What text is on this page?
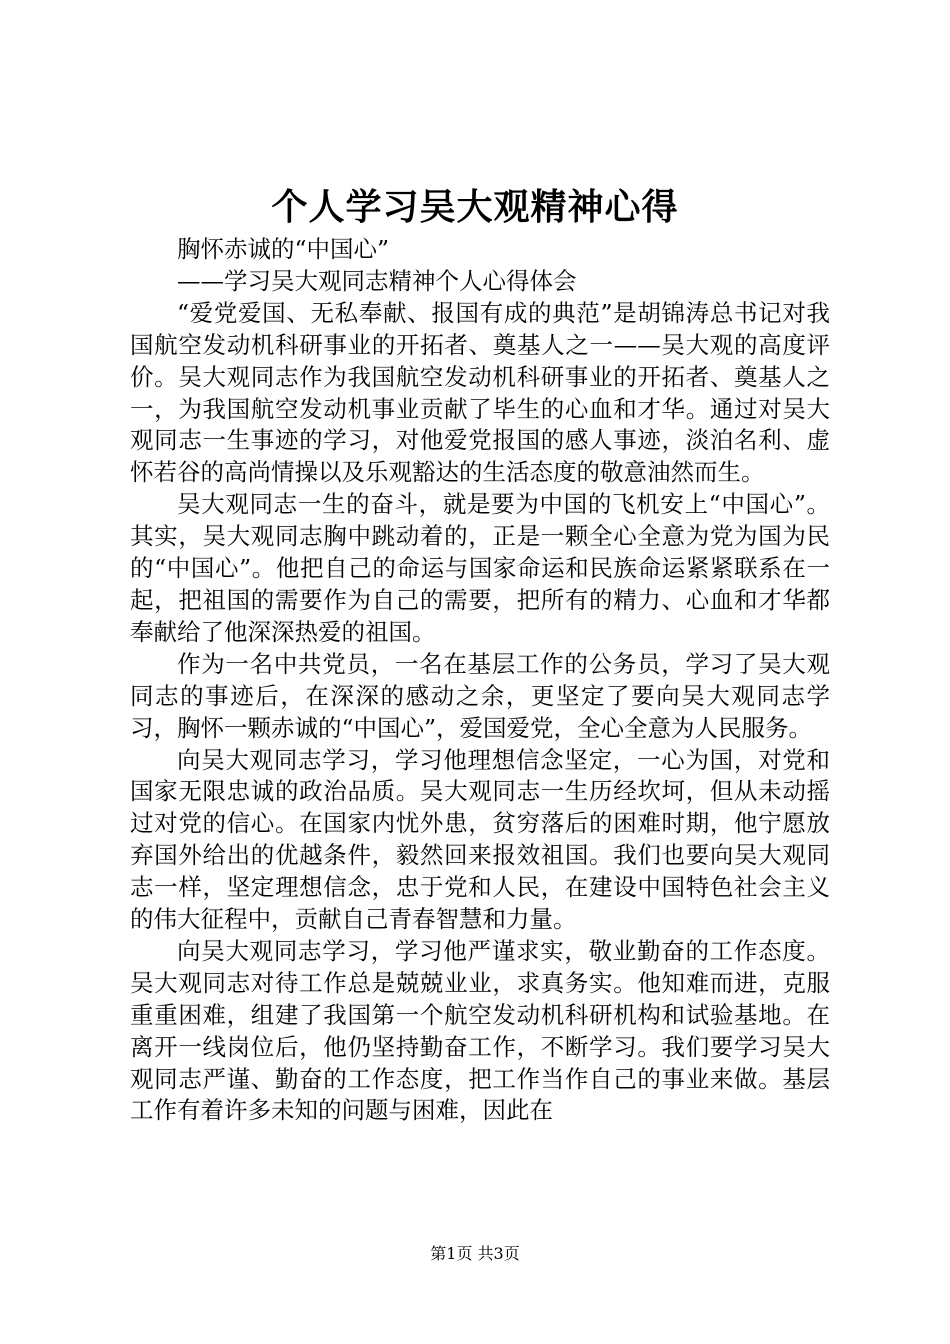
个人学习吴大观精神心得

胸怀赤诚的“中国心”

——学习吴大观同志精神个人心得体会

“爱党爱国、无私奉献、报国有成的典范”是胡锦涛总书记对我国航空发动机科研事业的开拓者、奠基人之一——吴大观的高度评价。吴大观同志作为我国航空发动机科研事业的开拓者、奠基人之一，为我国航空发动机事业贡献了毕生的心血和才华。通过对吴大观同志一生事迹的学习，对他爱党报国的感人事迹，淡泊名利、虚怀若谷的高尚情操以及乐观豁达的生活态度的敬意油然而生。

吴大观同志一生的奋斗，就是要为中国的飞机安上“中国心”。其实，吴大观同志胸中跳动着的，正是一颗全心全意为党为国为民的“中国心”。他把自己的命运与国家命运和民族命运紧紧联系在一起，把祖国的需要作为自己的需要，把所有的精力、心血和才华都奉献给了他深深热爱的祖国。

作为一名中共党员，一名在基层工作的公务员，学习了吴大观同志的事迹后，在深深的感动之余，更坚定了要向吴大观同志学习，胸怀一颗赤诚的“中国心”，爱国爱党，全心全意为人民服务。

向吴大观同志学习，学习他理想信念坚定，一心为国，对党和国家无限忠诚的政治品质。吴大观同志一生历经坎坷，但从未动摇过对党的信心。在国家内忧外患，贫穷落后的困难时期，他宁愿放弃国外给出的优越条件，毅然回来报效祖国。我们也要向吴大观同志一样，坚定理想信念，忠于党和人民，在建设中国特色社会主义的伟大征程中，贡献自己青春智慧和力量。

向吴大观同志学习，学习他严谨求实，敬业勤奋的工作态度。吴大观同志对待工作总是兢兢业业，求真务实。他知难而进，克服重重困难，组建了我国第一个航空发动机科研机构和试验基地。在离开一线岗位后，他仍坚持勤奋工作，不断学习。我们要学习吴大观同志严谨、勤奋的工作态度，把工作当作自己的事业来做。基层工作有着许多未知的问题与困难，因此在

第1页 共3页
